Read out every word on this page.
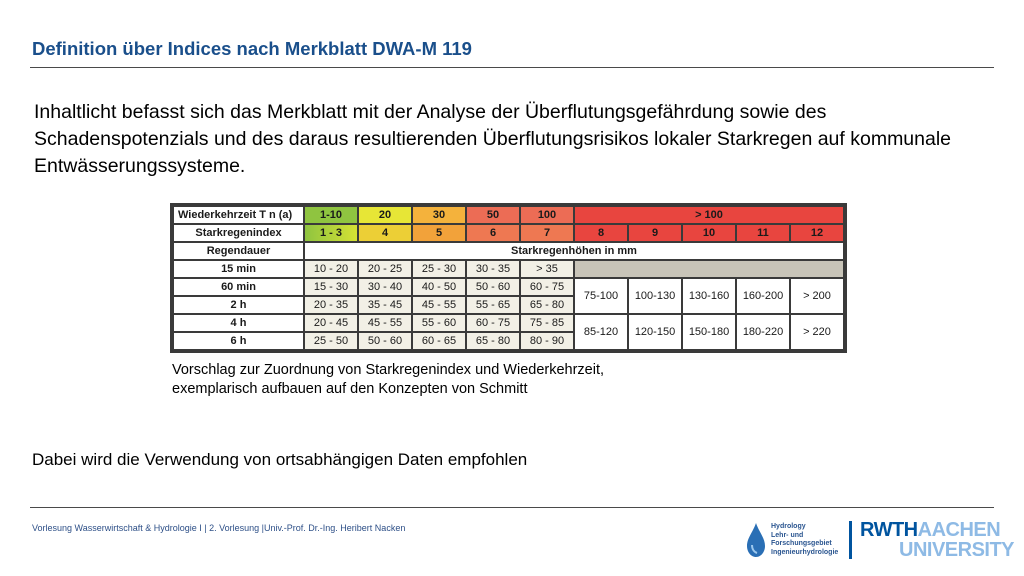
Definition über Indices nach Merkblatt DWA-M 119
Inhaltlicht befasst sich das Merkblatt mit der Analyse der Überflutungsgefährdung sowie des Schadenspotenzials und des daraus resultierenden Überflutungsrisikos lokaler Starkregen auf kommunale Entwässerungssysteme.
Wiederkehrzeit T n (a)	1-10	20	30	50	100	> 100				
Starkregenindex	1 - 3	4	5	6	7	8	9	10	11	12
Regendauer	Starkregenhöhen in mm									
15 min	10 - 20	20 - 25	25 - 30	30 - 35	> 35					
60 min	15 - 30	30 - 40	40 - 50	50 - 60	60 - 75	75-100	100-130	130-160	160-200	> 200
2 h	20 - 35	35 - 45	45 - 55	55 - 65	65 - 80					
4 h	20 - 45	45 - 55	55 - 60	60 - 75	75 - 85	85-120	120-150	150-180	180-220	> 220
6 h	25 - 50	50 - 60	60 - 65	65 - 80	80 - 90					
Vorschlag zur Zuordnung von Starkregenindex und Wiederkehrzeit,
exemplarisch aufbauen auf den Konzepten von Schmitt
Dabei wird die Verwendung von ortsabhängigen Daten empfohlen
Vorlesung Wasserwirtschaft & Hydrologie I | 2. Vorlesung |Univ.-Prof. Dr.-Ing. Heribert Nacken	Hydrology
Lehr- und
Forschungsgebiet
Ingenieurhydrologie
RWTHAACHEN
UNIVERSITY
